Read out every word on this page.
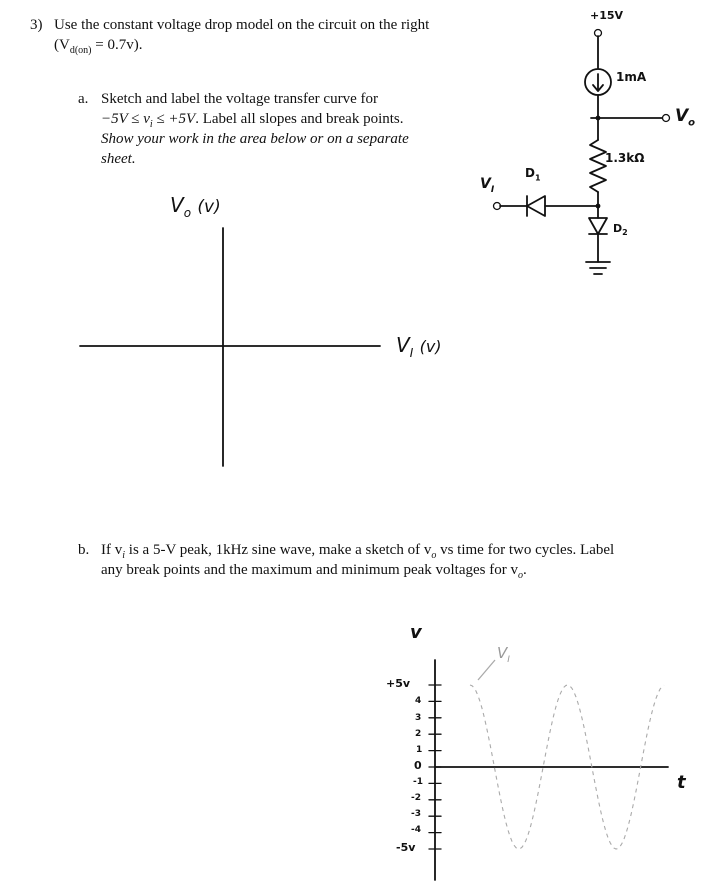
3) Use the constant voltage drop model on the circuit on the right
$(V_{d(on)} = 0.7v)$.
a. Sketch and label the voltage transfer curve for
$-5V \le v_i \le +5V$. Label all slopes and break points.
Show your work in the area below or on a separate
sheet.
b. If $v_i$ is a 5-V peak, 1kHz sine wave, make a sketch of $v_o$ vs time for two cycles. Label
any break points and the maximum and minimum peak voltages for $v_o$.
+15V
1mA
$V_o$
1.3kΩ
$D_1$
$D_2$
$V_I$
$V_o$ (v)
$V_I$ (v)
v
t
$V_I$
+5v
4
3
2
1
0
-1
-2
-3
-4
-5v
